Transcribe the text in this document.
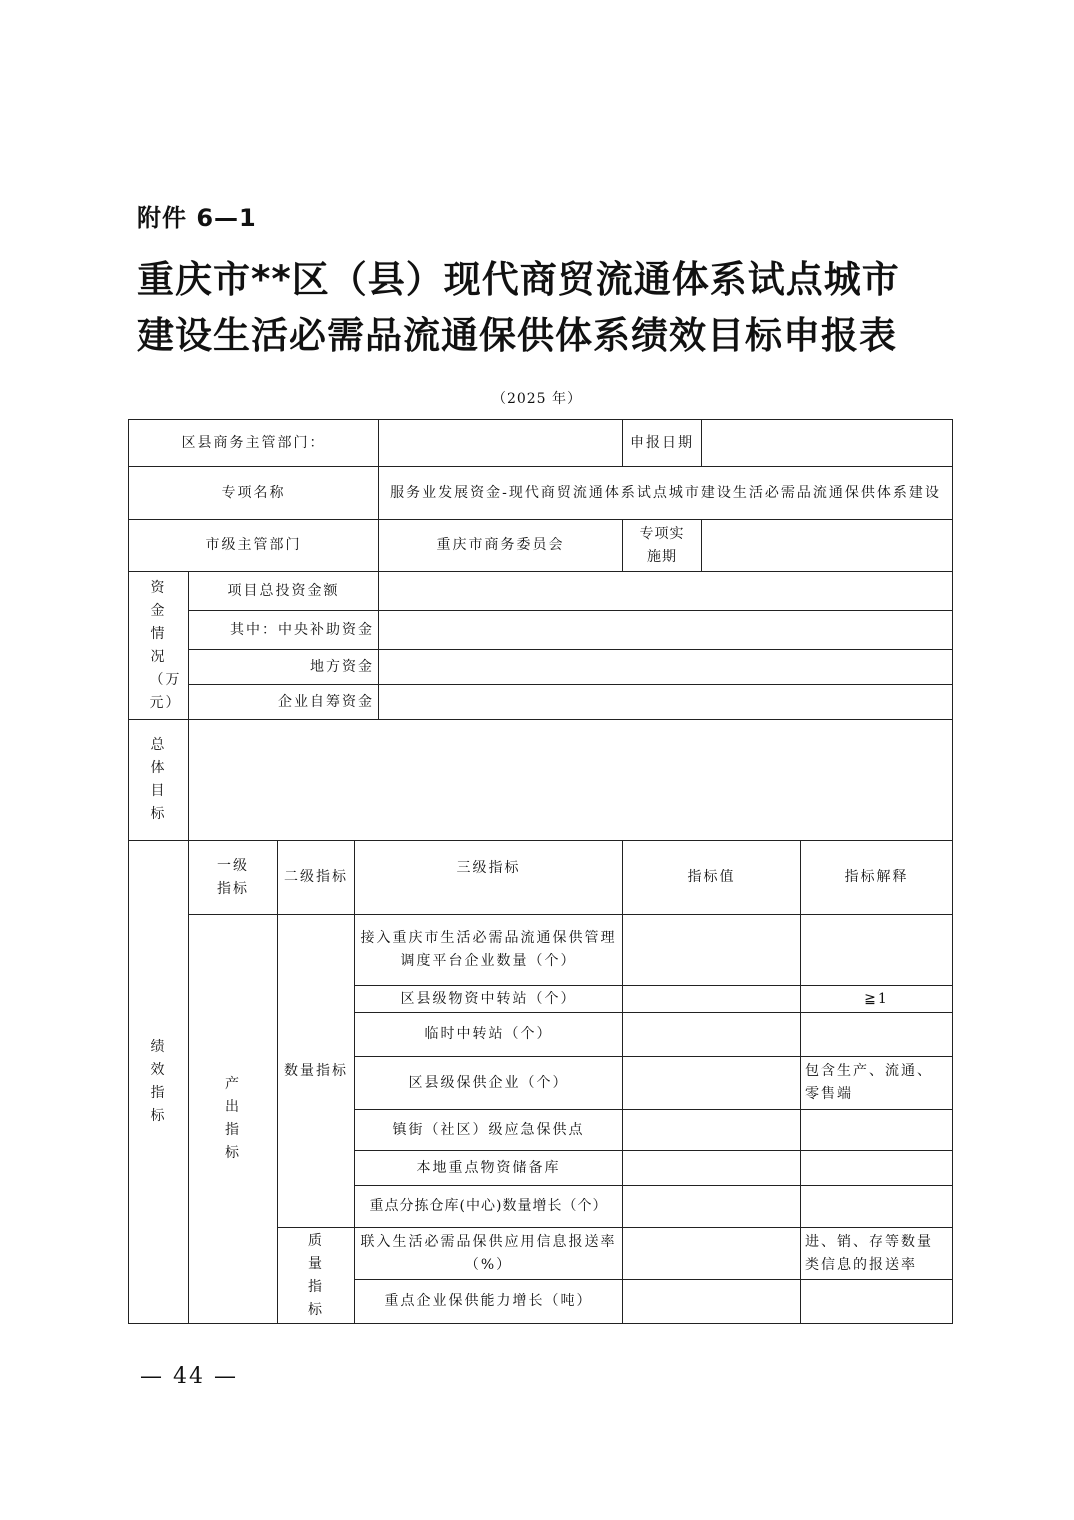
附件 6—1
重庆市**区（县）现代商贸流通体系试点城市
建设生活必需品流通保供体系绩效目标申报表
（2025 年）
区县商务主管部门：					申报日期		
专项名称				服务业发展资金-现代商贸流通体系试点城市建设生活必需品流通保供体系建设			
市级主管部门				重庆市商务委员会	专项实施期		
资金情况（万元）	项目总投资金额						
	其中：中央补助资金						
	地方资金						
	企业自筹资金						
总体目标							
绩效指标	一级指标	二级指标	三级指标		指标值		指标解释
	产出指标	数量指标	接入重庆市生活必需品流通保供管理调度平台企业数量（个）				
			区县级物资中转站（个）				≧1
			临时中转站（个）				
			区县级保供企业（个）				包含生产、流通、零售端
			镇街（社区）级应急保供点				
			本地重点物资储备库				
			重点分拣仓库(中心)数量增长（个）				
		质量指标	联入生活必需品保供应用信息报送率（%）				进、销、存等数量类信息的报送率
			重点企业保供能力增长（吨）				
— 44 —
